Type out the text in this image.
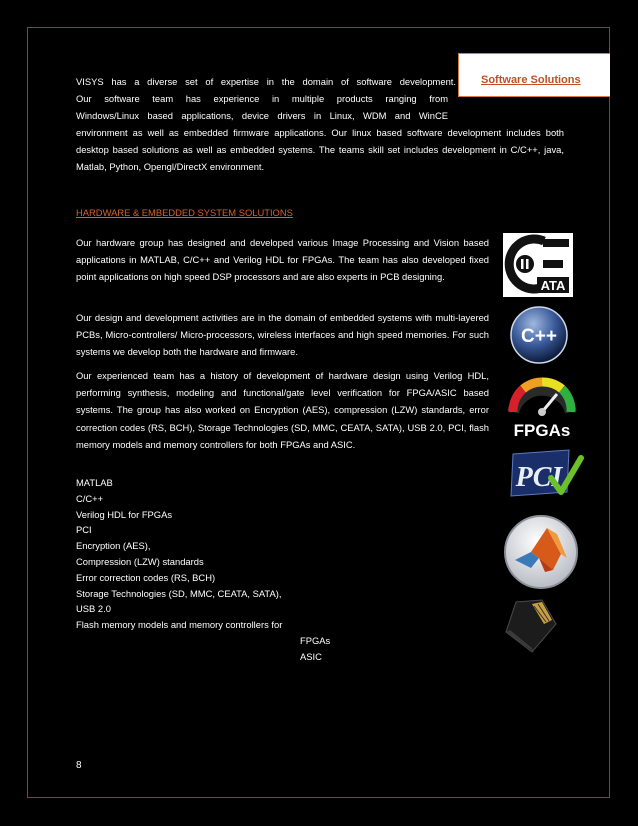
Software Solutions

VISYS has a diverse set of expertise in the domain of software development.

Our software team has experience in multiple products ranging from

Windows/Linux based applications, device drivers in Linux, WDM and WinCE

environment as well as embedded firmware applications. Our linux based software development includes both desktop based solutions as well as embedded systems. The teams skill set includes development in C/C++, java, Matlab, Python, Opengl/DirectX environment.

HARDWARE & EMBEDDED SYSTEM SOLUTIONS

Our hardware group has designed and developed various Image Processing and Vision based applications in MATLAB, C/C++ and Verilog HDL for FPGAs. The team has also developed fixed point applications on high speed DSP processors and are also experts in PCB designing.

Our design and development activities are in the domain of embedded systems with multi-layered PCBs, Micro-controllers/ Micro-processors, wireless interfaces and high speed memories. For such systems we develop both the hardware and firmware.

Our experienced team has a history of development of hardware design using Verilog HDL, performing synthesis, modeling and functional/gate level verification for FPGA/ASIC based systems. The group has also worked on Encryption (AES), compression (LZW) standards, error correction codes (RS, BCH), Storage Technologies (SD, MMC, CEATA, SATA), USB 2.0, PCI, flash memory models and memory controllers for both FPGAs and ASIC.

MATLAB
C/C++
Verilog HDL for FPGAs
PCI
Encryption (AES),
Compression (LZW) standards
Error correction codes (RS, BCH)
Storage Technologies (SD, MMC, CEATA, SATA),
USB 2.0
Flash memory models and memory controllers for
FPGAs
ASIC
8
ATA
C++
FPGAs
PCI
